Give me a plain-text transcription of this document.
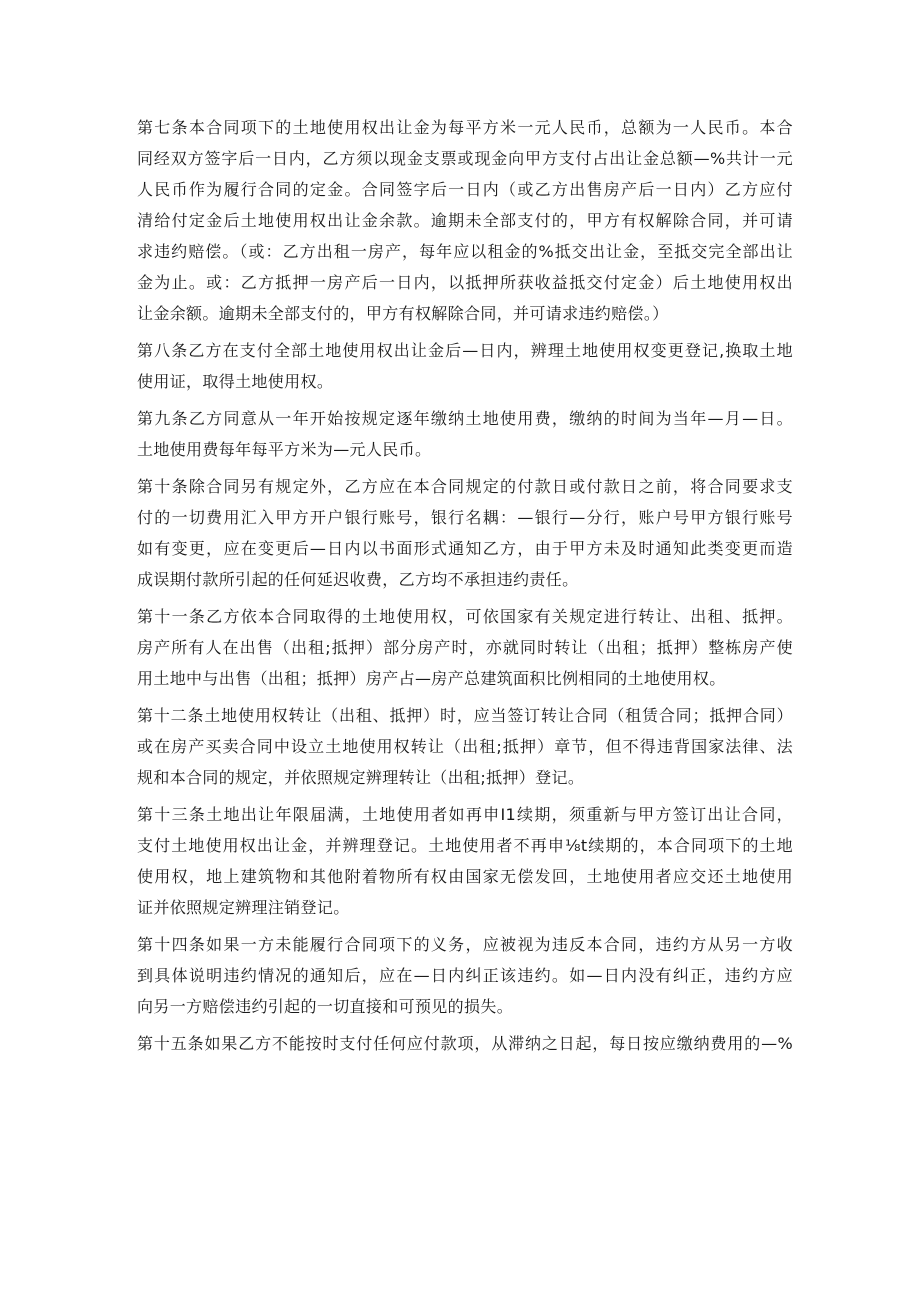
第七条本合同项下的土地使用权出让金为每平方米一元人民币，总额为一人民币。本合
同经双方签字后一日内，乙方须以现金支票或现金向甲方支付占出让金总额—%共计一元
人民币作为履行合同的定金。合同签字后一日内（或乙方出售房产后一日内）乙方应付
清给付定金后土地使用权出让金余款。逾期未全部支付的，甲方有权解除合同，并可请
求违约赔偿。（或：乙方出租一房产，每年应以租金的%抵交出让金，至抵交完全部出让
金为止。或：乙方抵押一房产后一日内，以抵押所获收益抵交付定金）后土地使用权出
让金余额。逾期未全部支付的，甲方有权解除合同，并可请求违约赔偿。）
第八条乙方在支付全部土地使用权出让金后—日内，辨理土地使用权变更登记,换取土地
使用证，取得土地使用权。
第九条乙方同意从一年开始按规定逐年缴纳土地使用费，缴纳的时间为当年—月—日。
土地使用费每年每平方米为—元人民币。
第十条除合同另有规定外，乙方应在本合同规定的付款日或付款日之前，将合同要求支
付的一切费用汇入甲方开户银行账号，银行名耦：—银行—分行，账户号甲方银行账号
如有变更，应在变更后—日内以书面形式通知乙方，由于甲方未及时通知此类变更而造
成误期付款所引起的任何延迟收费，乙方均不承担违约责任。
第十一条乙方依本合同取得的土地使用权，可依国家有关规定进行转让、出租、抵押。
房产所有人在出售（出租;抵押）部分房产时，亦就同时转让（出租；抵押）整栋房产使
用土地中与出售（出租；抵押）房产占—房产总建筑面积比例相同的土地使用权。
第十二条土地使用权转让（出租、抵押）时，应当签订转让合同（租赁合同；抵押合同）
或在房产买卖合同中设立土地使用权转让（出租;抵押）章节，但不得违背国家法律、法
规和本合同的规定，并依照规定辨理转让（出租;抵押）登记。
第十三条土地出让年限届满，土地使用者如再申I1续期，须重新与甲方签订出让合同，
支付土地使用权出让金，并辨理登记。土地使用者不再申⅛t续期的，本合同项下的土地
使用权，地上建筑物和其他附着物所有权由国家无偿发回，土地使用者应交还土地使用
证并依照规定辨理注销登记。
第十四条如果一方未能履行合同项下的义务，应被视为违反本合同，违约方从另一方收
到具体说明违约情况的通知后，应在—日内纠正该违约。如—日内没有纠正，违约方应
向另一方赔偿违约引起的一切直接和可预见的损失。
第十五条如果乙方不能按时支付任何应付款项，从滞纳之日起，每日按应缴纳费用的—%
